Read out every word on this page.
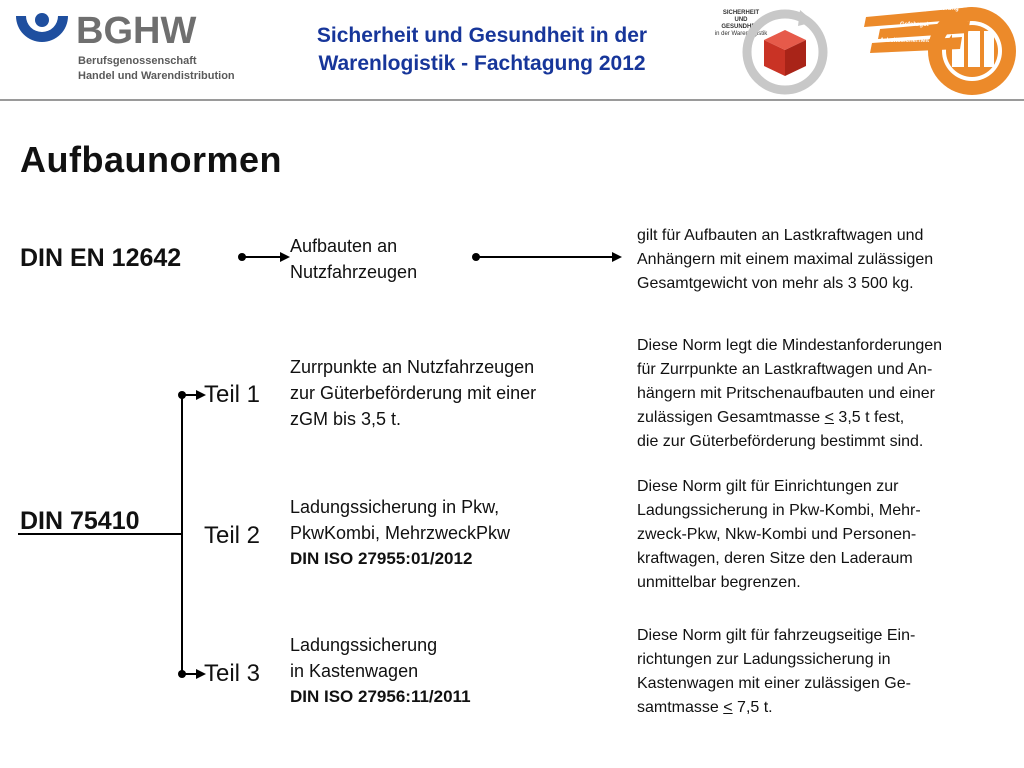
BGHW
Berufsgenossenschaft
Handel und Warendistribution
Sicherheit und Gesundheit in der
Warenlogistik - Fachtagung 2012
SICHERHEIT
UND
GESUNDHEIT
in der Warenlogistik
Ladungssicherung
Gefahrgut
Arbeitssicherheit
Aufbaunormen
DIN EN 12642	Aufbauten an
Nutzfahrzeugen
gilt für Aufbauten an Lastkraftwagen und
Anhängern mit einem maximal zulässigen
Gesamtgewicht von mehr als 3 500 kg.
DIN 75410
Teil 1
Zurrpunkte an Nutzfahrzeugen
zur Güterbeförderung mit einer
zGM bis 3,5 t.
Diese Norm legt die Mindestanforderungen
für Zurrpunkte an Lastkraftwagen und An-
hängern mit Pritschenaufbauten und einer
zulässigen Gesamtmasse < 3,5 t fest,
die zur Güterbeförderung bestimmt sind.
Teil 2
Ladungssicherung in Pkw,
PkwKombi, MehrzweckPkw
DIN ISO 27955:01/2012
Diese Norm gilt für Einrichtungen zur
Ladungssicherung in Pkw-Kombi, Mehr-
zweck-Pkw, Nkw-Kombi und Personen-
kraftwagen, deren Sitze den Laderaum
unmittelbar begrenzen.
Teil 3
Ladungssicherung
in Kastenwagen
DIN ISO 27956:11/2011
Diese Norm gilt für fahrzeugseitige Ein-
richtungen zur Ladungssicherung in
Kastenwagen mit einer zulässigen Ge-
samtmasse < 7,5 t.
